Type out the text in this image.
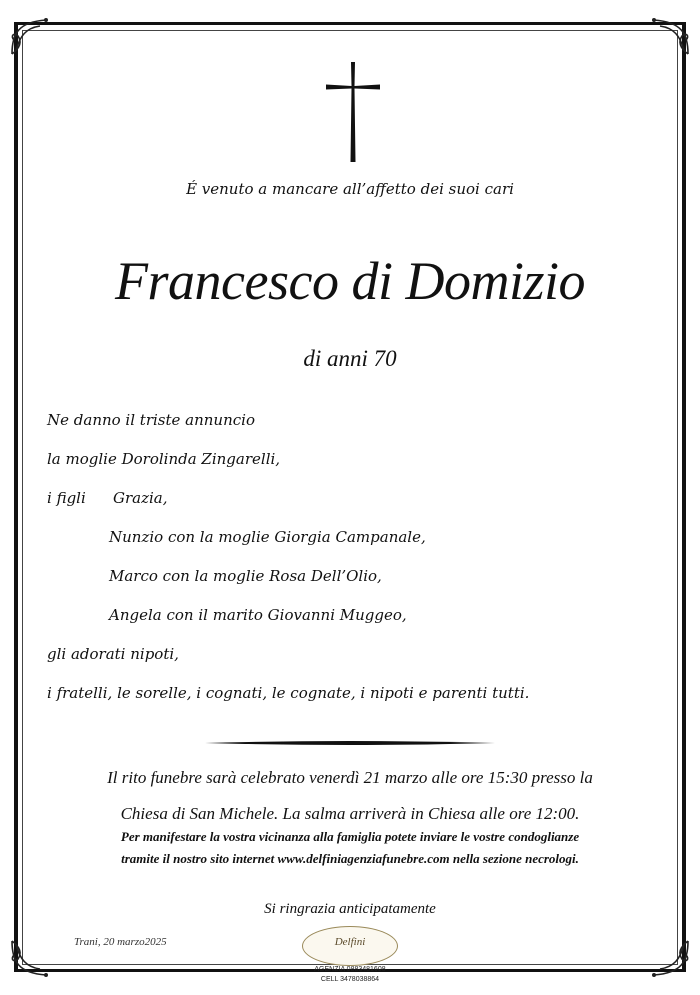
É venuto a mancare all’affetto dei suoi cari
Francesco di Domizio
di anni 70
Ne danno il triste annuncio
la moglie Dorolinda Zingarelli,
i figli Grazia,
Nunzio con la moglie Giorgia Campanale,
Marco con la moglie Rosa Dell’Olio,
Angela con il marito Giovanni Muggeo,
gli adorati nipoti,
i fratelli, le sorelle, i cognati, le cognate, i nipoti e parenti tutti.
Il rito funebre sarà celebrato venerdì 21 marzo alle ore 15:30 presso la
Chiesa di San Michele. La salma arriverà in Chiesa alle ore 12:00.
Per manifestare la vostra vicinanza alla famiglia potete inviare le vostre condoglianze
tramite il nostro sito internet www.delfiniagenziafunebre.com nella sezione necrologi.
Si ringrazia anticipatamente
Trani, 20 marzo2025	Delfini
AGENZIA 0883481608
CELL 3478038864
